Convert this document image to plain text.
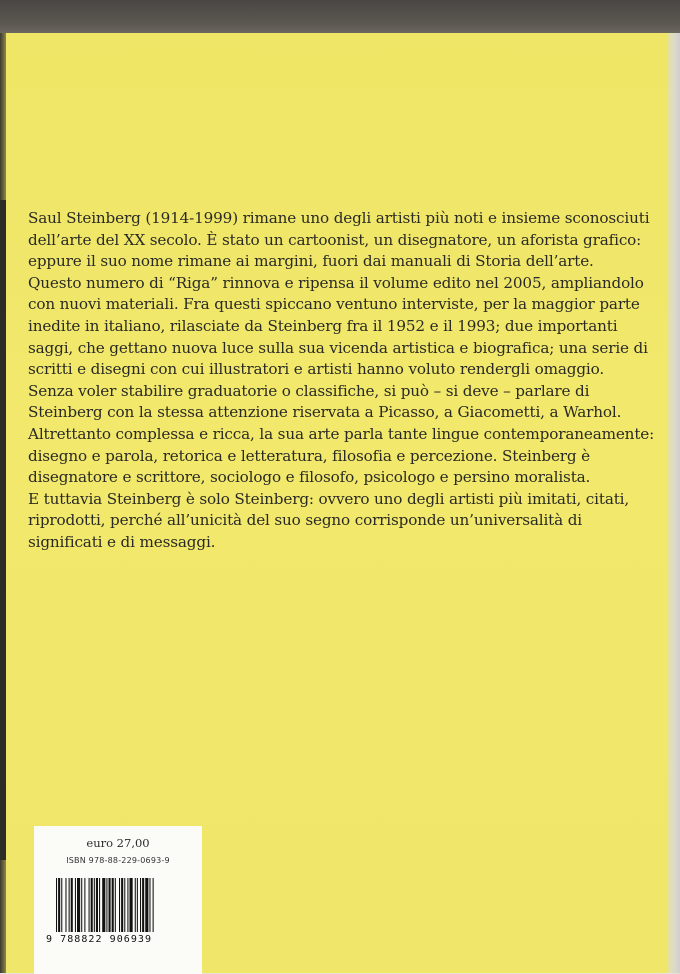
Saul Steinberg (1914-1999) rimane uno degli artisti più noti e insieme sconosciuti
dell’arte del XX secolo. È stato un cartoonist, un disegnatore, un aforista grafico:
eppure il suo nome rimane ai margini, fuori dai manuali di Storia dell’arte.
Questo numero di “Riga” rinnova e ripensa il volume edito nel 2005, ampliandolo
con nuovi materiali. Fra questi spiccano ventuno interviste, per la maggior parte
inedite in italiano, rilasciate da Steinberg fra il 1952 e il 1993; due importanti
saggi, che gettano nuova luce sulla sua vicenda artistica e biografica; una serie di
scritti e disegni con cui illustratori e artisti hanno voluto rendergli omaggio.
Senza voler stabilire graduatorie o classifiche, si può – si deve – parlare di
Steinberg con la stessa attenzione riservata a Picasso, a Giacometti, a Warhol.
Altrettanto complessa e ricca, la sua arte parla tante lingue contemporaneamente:
disegno e parola, retorica e letteratura, filosofia e percezione. Steinberg è
disegnatore e scrittore, sociologo e filosofo, psicologo e persino moralista.
E tuttavia Steinberg è solo Steinberg: ovvero uno degli artisti più imitati, citati,
riprodotti, perché all’unicità del suo segno corrisponde un’universalità di
significati e di messaggi.
euro 27,00
ISBN 978-88-229-0693-9
9 788822 906939
